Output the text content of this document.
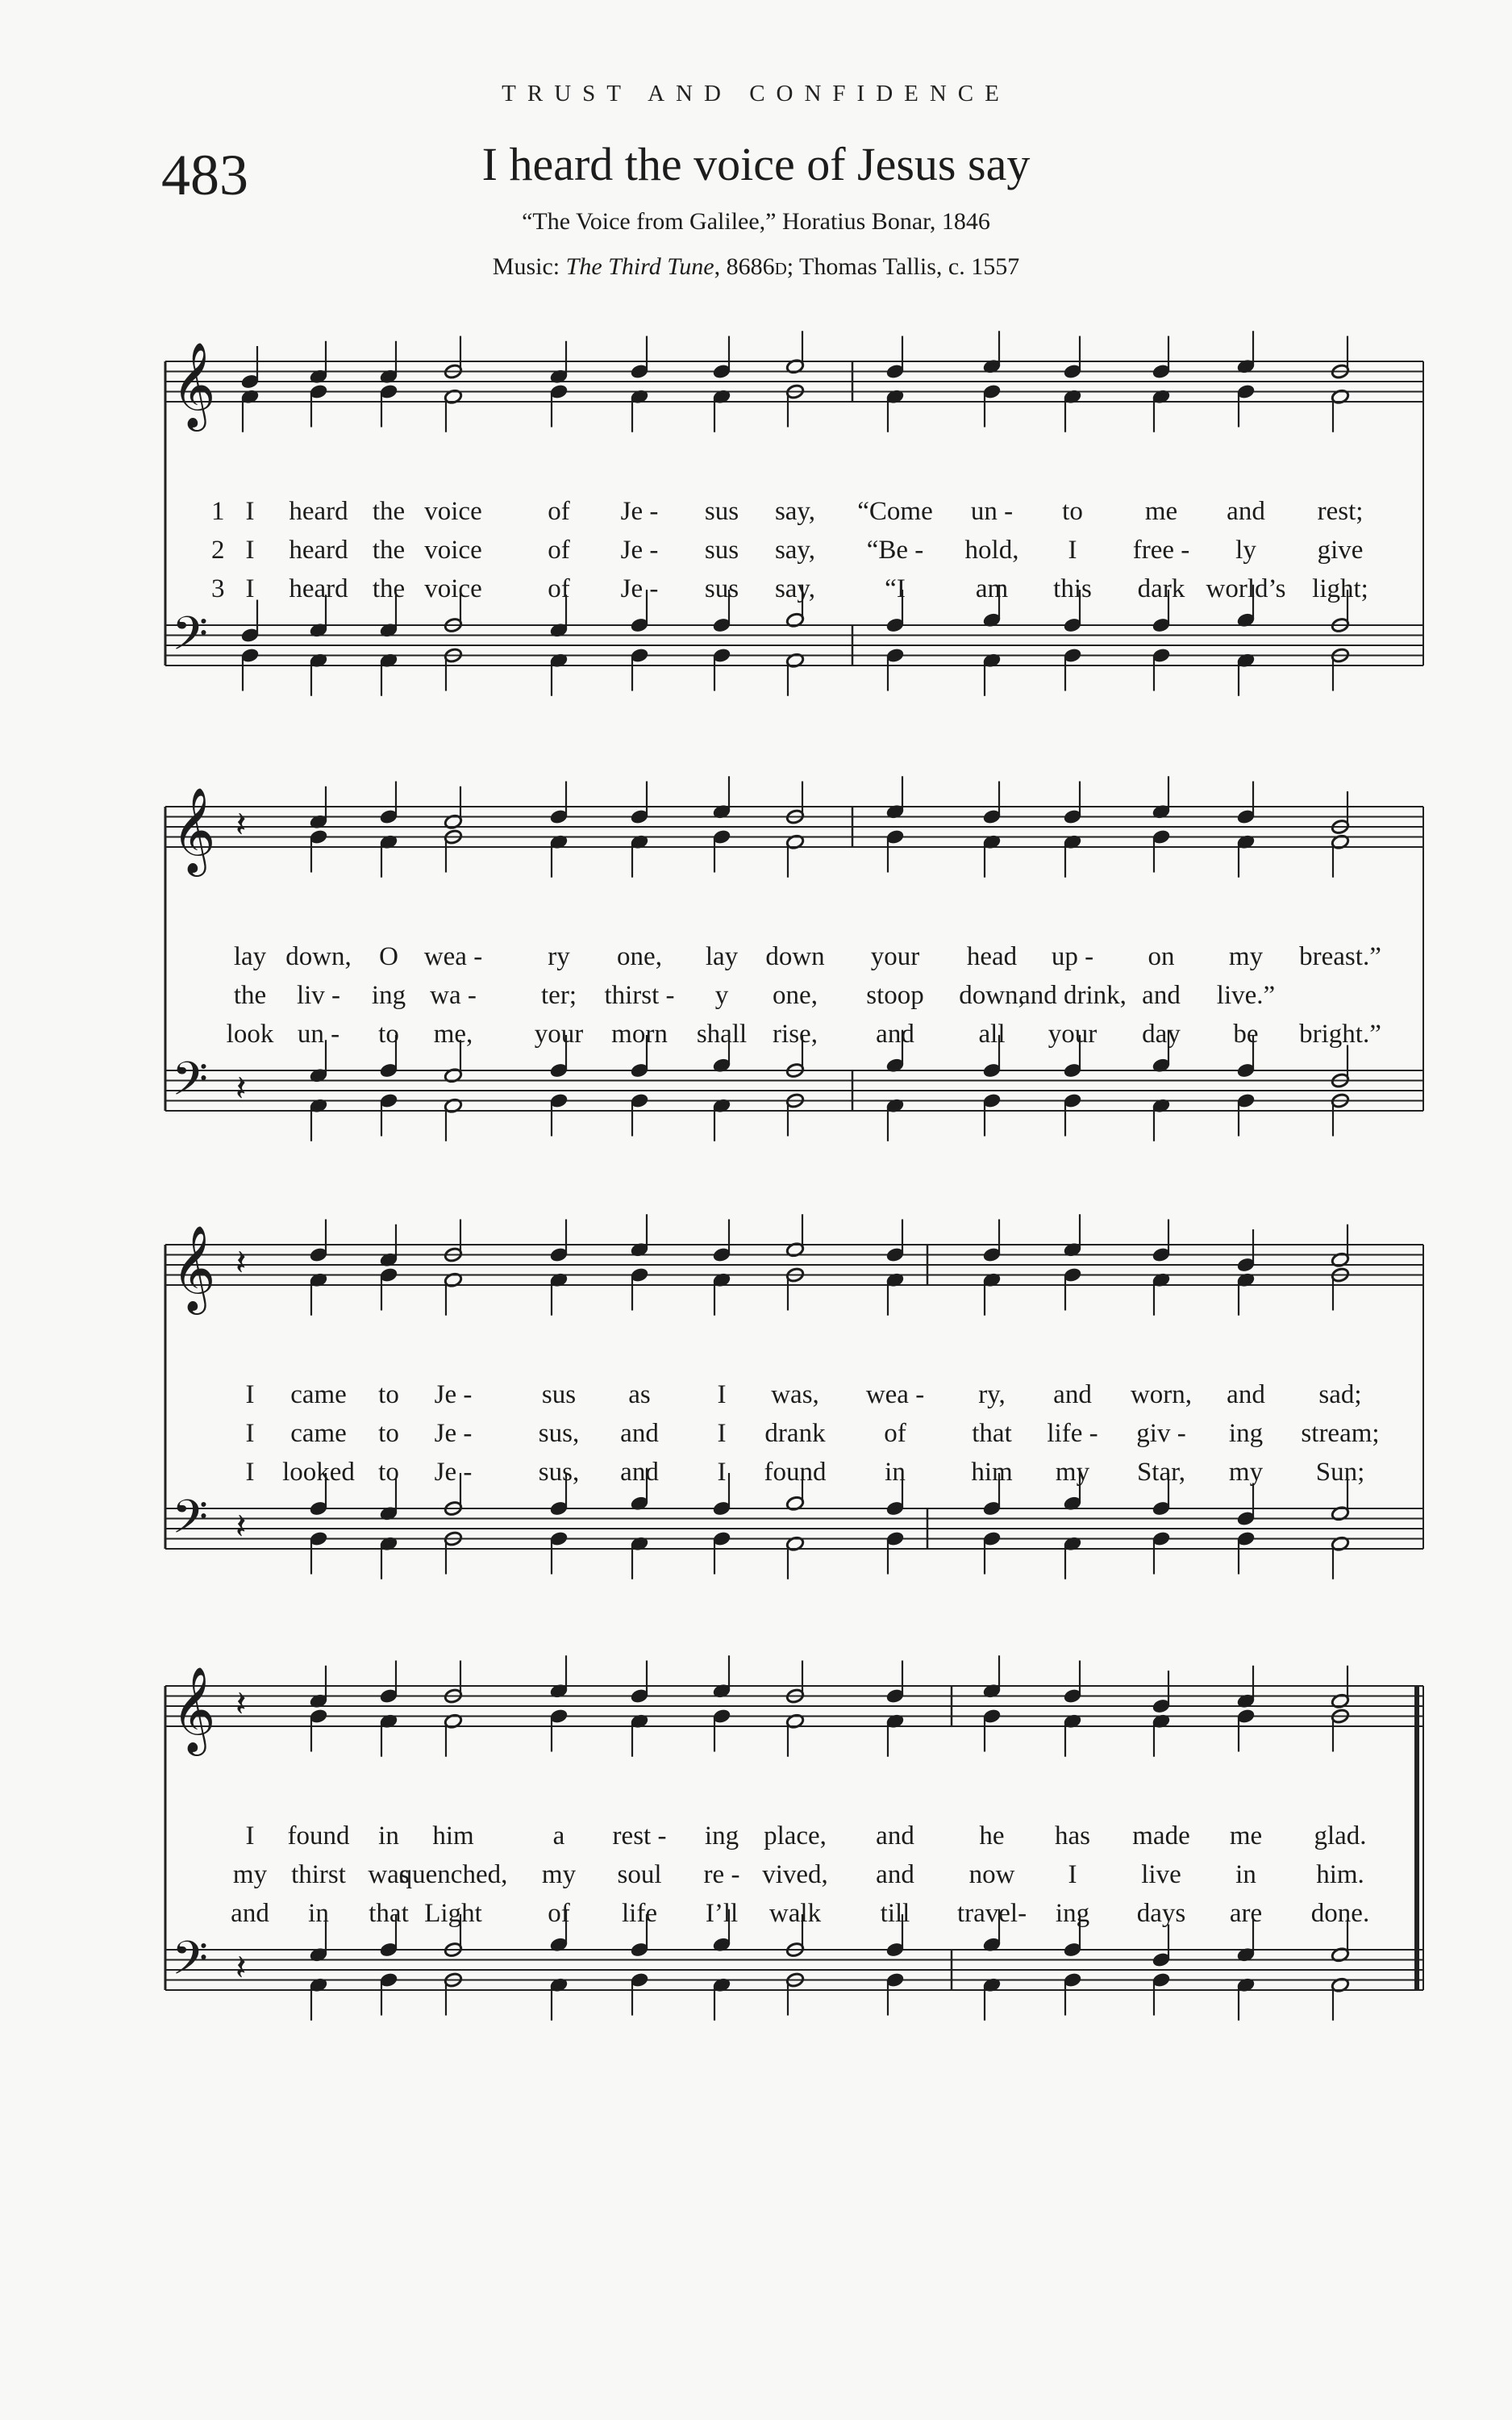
TRUST AND CONFIDENCE
483	I heard the voice of Jesus say
“The Voice from Galilee,” Horatius Bonar, 1846
Music: The Third Tune, 8686d; Thomas Tallis, c. 1557
𝄞
𝄢
1 I heard the voice of Je - sus say, “Come un - to me and rest;
2 I heard the voice of Je - sus say, “Be - hold, I free - ly give
3 I heard the voice of Je - sus say,	“I	am this dark world’s light;
𝄞
𝄢
𝄽
𝄽
lay down, O wea - ry one, lay down your head up - on my breast.”
the liv - ing wa - ter; thirst - y one, stoop down,
and drink, and live.”
look un - to me, your morn shall rise, and all your day be bright.”
𝄞
𝄢
𝄽
𝄽
I came to Je -	sus as	I was, wea - ry, and worn, and sad;
I came to Je - sus, and I drank of that life - giv - ing stream;
I looked to Je - sus, and I found in him my Star, my Sun;
𝄞
𝄢
𝄽
𝄽
I found in him	a rest - ing place, and he has made me glad.
my thirst was
quenched, my soul re - vived, and now I live in him.
and in that Light of life I’ll walk till travel- ing days are done.
